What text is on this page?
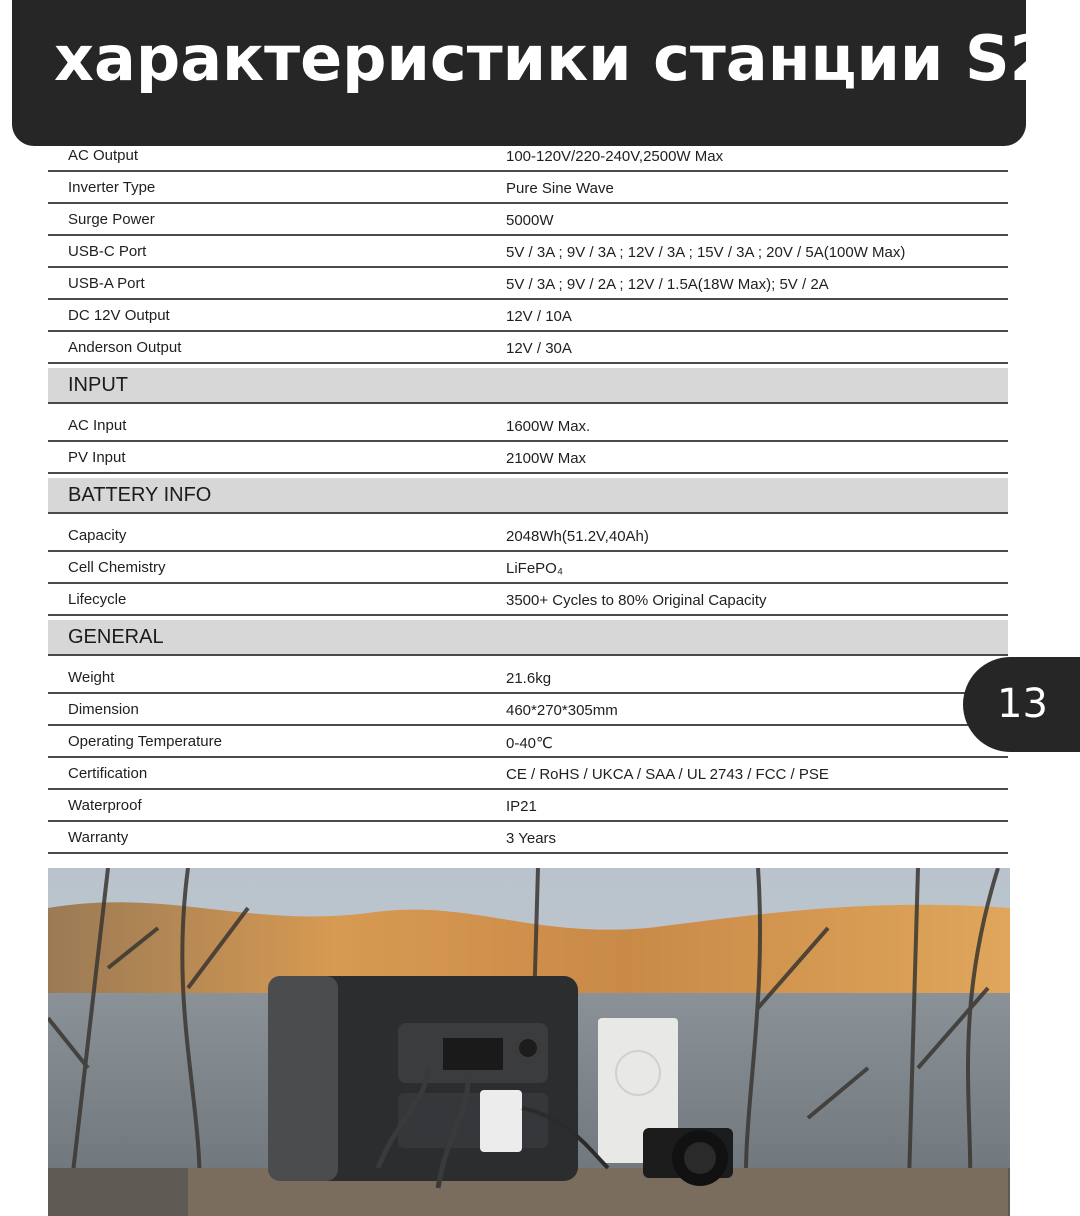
характеристики станции S2
AC Output	100-120V/220-240V,2500W Max
Inverter Type	Pure Sine Wave
Surge Power	5000W
USB-C Port	5V / 3A ; 9V / 3A ; 12V / 3A ; 15V / 3A ; 20V / 5A(100W Max)
USB-A Port	5V / 3A ; 9V / 2A ; 12V / 1.5A(18W Max); 5V / 2A
DC 12V Output	12V / 10A
Anderson Output	12V / 30A
INPUT
AC Input	1600W Max.
PV Input	2100W Max
BATTERY INFO
Capacity	2048Wh(51.2V,40Ah)
Cell Chemistry	LiFePO₄
Lifecycle	3500+ Cycles to 80% Original Capacity
GENERAL
Weight	21.6kg
Dimension	460*270*305mm
Operating Temperature	0-40℃
Certification	CE / RoHS / UKCA / SAA / UL 2743 / FCC / PSE
Waterproof	IP21
Warranty	3 Years
13
